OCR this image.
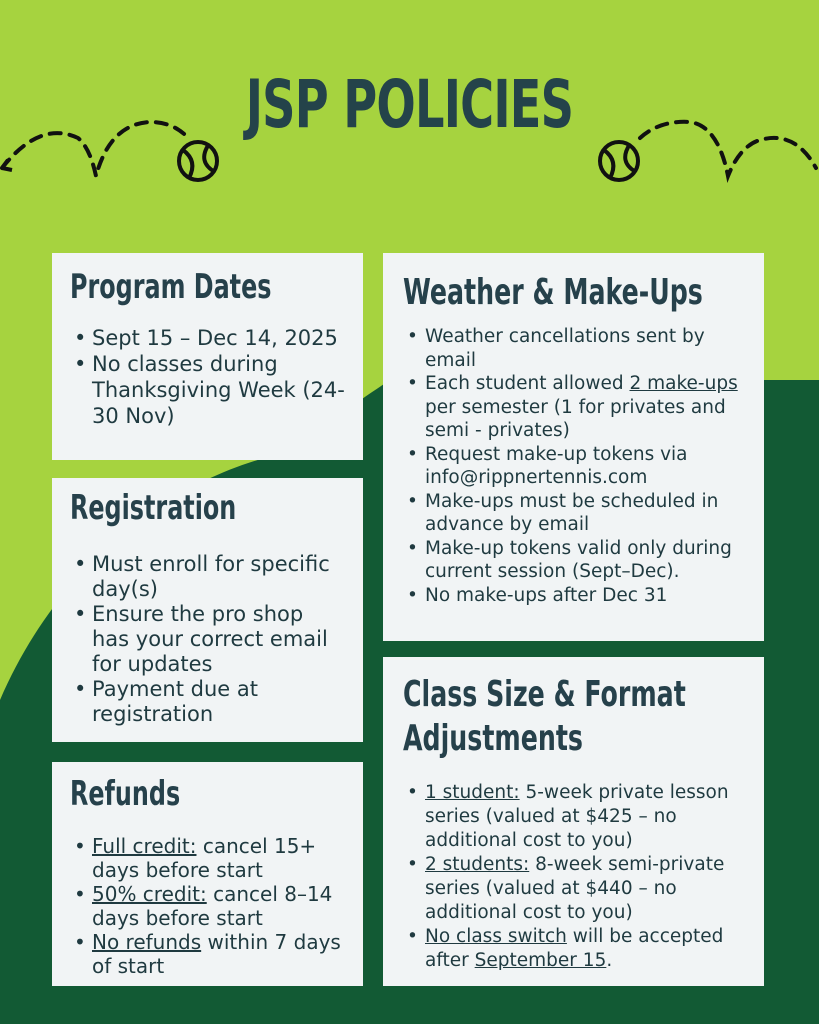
JSP POLICIES
Program Dates
• Sept 15 – Dec 14, 2025
• No classes during Thanksgiving Week (24-30 Nov)
Registration
• Must enroll for specific day(s)
• Ensure the pro shop has your correct email for updates
• Payment due at registration
Refunds
• Full credit: cancel 15+ days before start
• 50% credit: cancel 8–14 days before start
• No refunds within 7 days of start
Weather & Make-Ups
• Weather cancellations sent by email
• Each student allowed 2 make-ups per semester (1 for privates and semi - privates)
• Request make-up tokens via info@rippnertennis.com
• Make-ups must be scheduled in advance by email
• Make-up tokens valid only during current session (Sept–Dec).
• No make-ups after Dec 31
Class Size & Format Adjustments
• 1 student: 5-week private lesson series (valued at $425 – no additional cost to you)
• 2 students: 8-week semi-private series (valued at $440 – no additional cost to you)
• No class switch will be accepted after September 15.
